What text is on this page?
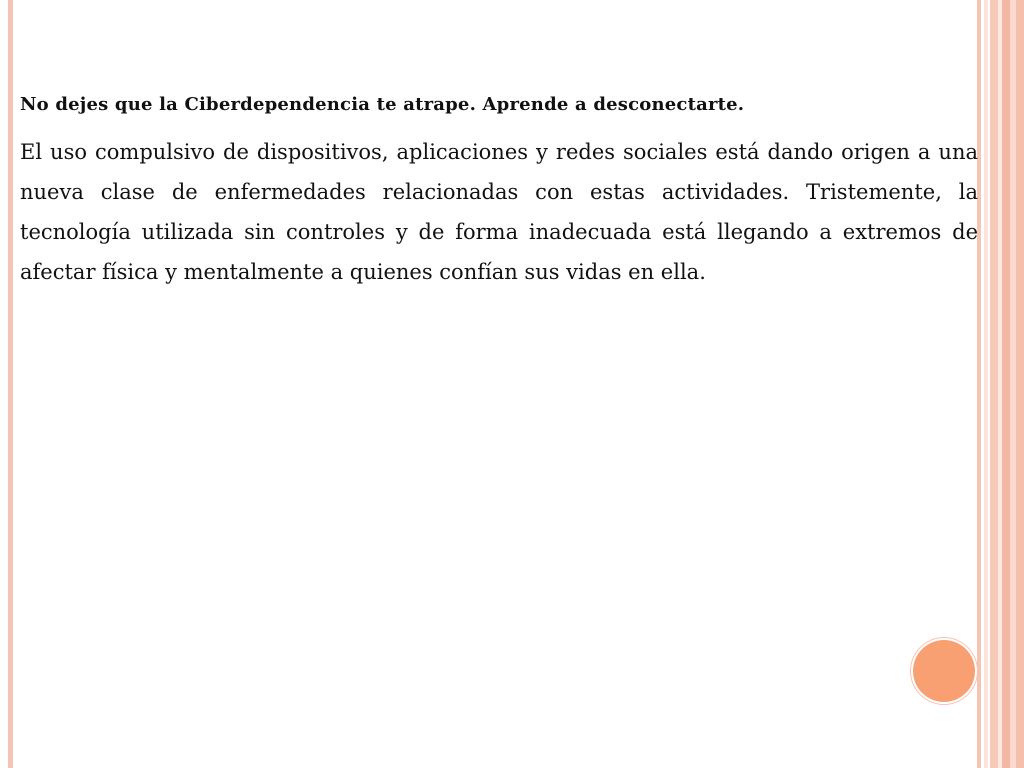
No dejes que la Ciberdependencia te atrape. Aprende a desconectarte.

El uso compulsivo de dispositivos, aplicaciones y redes sociales está dando origen a una nueva clase de enfermedades relacionadas con estas actividades. Tristemente, la tecnología utilizada sin controles y de forma inadecuada está llegando a extremos de afectar física y mentalmente a quienes confían sus vidas en ella.
